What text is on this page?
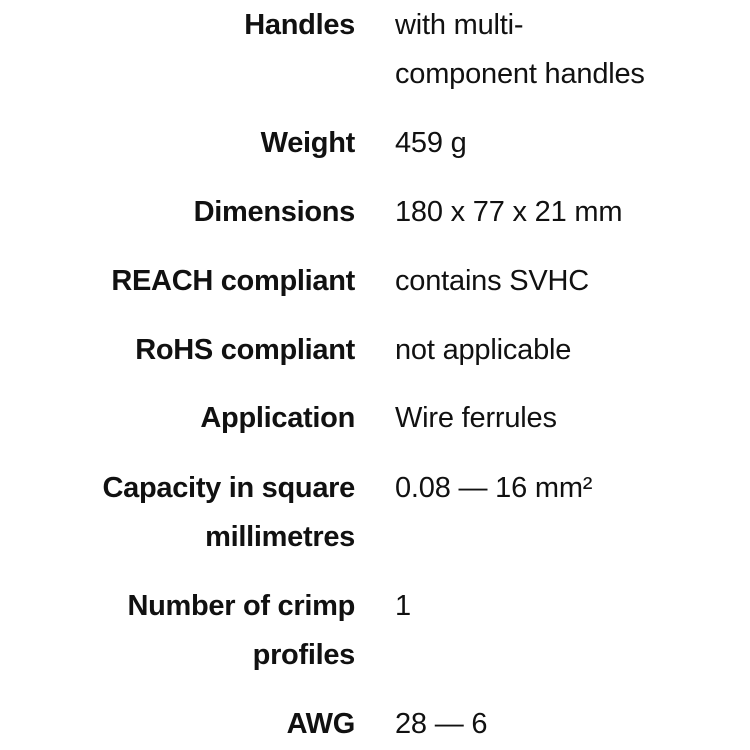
Handles with multi-
component handles
Weight 459 g
Dimensions 180 x 77 x 21 mm
REACH compliant contains SVHC
RoHS compliant not applicable
Application Wire ferrules
Capacity in square
millimetres
0.08 — 16 mm²
Number of crimp
profiles
1
AWG 28 — 6
